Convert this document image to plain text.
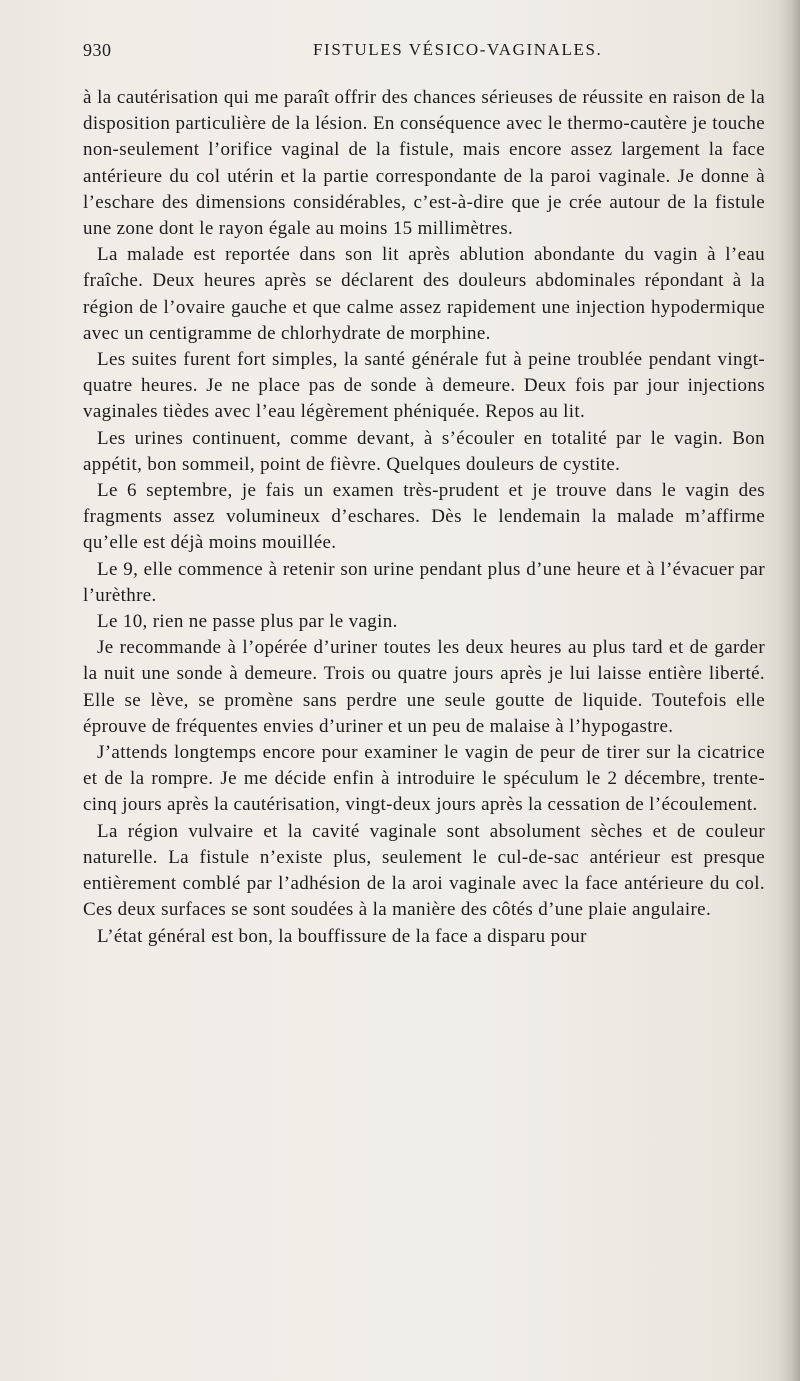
930	FISTULES VÉSICO-VAGINALES.

à la cautérisation qui me paraît offrir des chances sérieuses de réussite en raison de la disposition particulière de la lésion. En conséquence avec le thermo-cautère je touche non-seulement l’orifice vaginal de la fistule, mais encore assez largement la face antérieure du col utérin et la partie correspondante de la paroi vaginale. Je donne à l’eschare des dimensions considérables, c’est-à-dire que je crée autour de la fistule une zone dont le rayon égale au moins 15 millimètres.

La malade est reportée dans son lit après ablution abondante du vagin à l’eau fraîche. Deux heures après se déclarent des douleurs abdominales répondant à la région de l’ovaire gauche et que calme assez rapidement une injection hypodermique avec un centigramme de chlorhydrate de morphine.

Les suites furent fort simples, la santé générale fut à peine troublée pendant vingt-quatre heures. Je ne place pas de sonde à demeure. Deux fois par jour injections vaginales tièdes avec l’eau légèrement phéniquée. Repos au lit.

Les urines continuent, comme devant, à s’écouler en totalité par le vagin. Bon appétit, bon sommeil, point de fièvre. Quelques douleurs de cystite.

Le 6 septembre, je fais un examen très-prudent et je trouve dans le vagin des fragments assez volumineux d’eschares. Dès le lendemain la malade m’affirme qu’elle est déjà moins mouillée.

Le 9, elle commence à retenir son urine pendant plus d’une heure et à l’évacuer par l’urèthre.

Le 10, rien ne passe plus par le vagin.

Je recommande à l’opérée d’uriner toutes les deux heures au plus tard et de garder la nuit une sonde à demeure. Trois ou quatre jours après je lui laisse entière liberté. Elle se lève, se promène sans perdre une seule goutte de liquide. Toutefois elle éprouve de fréquentes envies d’uriner et un peu de malaise à l’hypogastre.

J’attends longtemps encore pour examiner le vagin de peur de tirer sur la cicatrice et de la rompre. Je me décide enfin à introduire le spéculum le 2 décembre, trente-cinq jours après la cautérisation, vingt-deux jours après la cessation de l’écoulement.

La région vulvaire et la cavité vaginale sont absolument sèches et de couleur naturelle. La fistule n’existe plus, seulement le cul-de-sac antérieur est presque entièrement comblé par l’adhésion de la aroi vaginale avec la face antérieure du col. Ces deux surfaces se sont soudées à la manière des côtés d’une plaie angulaire.

L’état général est bon, la bouffissure de la face a disparu pour
